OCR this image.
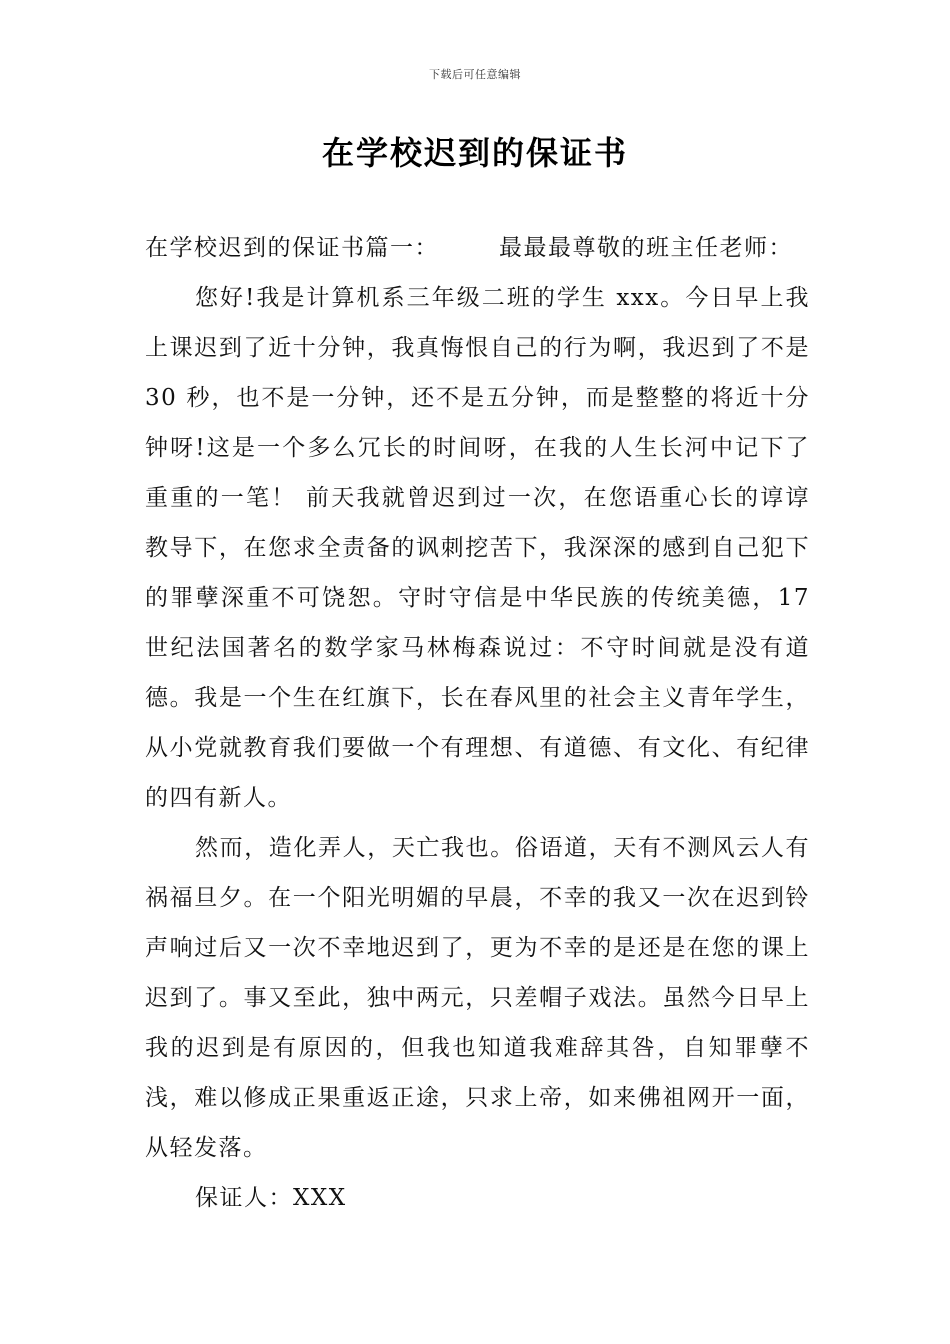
下载后可任意编辑
在学校迟到的保证书

在学校迟到的保证书篇一：	最最最尊敬的班主任老师：

您好!我是计算机系三年级二班的学生 xxx。今日早上我上课迟到了近十分钟，我真悔恨自己的行为啊，我迟到了不是 30 秒，也不是一分钟，还不是五分钟，而是整整的将近十分钟呀!这是一个多么冗长的时间呀，在我的人生长河中记下了重重的一笔！ 前天我就曾迟到过一次，在您语重心长的谆谆教导下，在您求全责备的讽刺挖苦下，我深深的感到自己犯下的罪孽深重不可饶恕。守时守信是中华民族的传统美德，17 世纪法国著名的数学家马林梅森说过：不守时间就是没有道德。我是一个生在红旗下，长在春风里的社会主义青年学生，从小党就教育我们要做一个有理想、有道德、有文化、有纪律的四有新人。

然而，造化弄人，天亡我也。俗语道，天有不测风云人有祸福旦夕。在一个阳光明媚的早晨，不幸的我又一次在迟到铃声响过后又一次不幸地迟到了，更为不幸的是还是在您的课上迟到了。事又至此，独中两元，只差帽子戏法。虽然今日早上我的迟到是有原因的，但我也知道我难辞其咎，自知罪孽不浅，难以修成正果重返正途，只求上帝，如来佛祖网开一面，从轻发落。

保证人：XXX
